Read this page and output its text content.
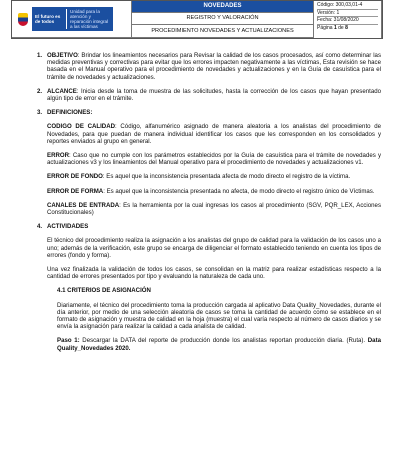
El futuro es de todos
Unidad para la atención y reparación integral a las víctimas
NOVEDADES
REGISTRO Y VALORACIÓN
PROCEDIMIENTO NOVEDADES Y ACTUALIZACIONES
Código: 300,03,01-4
Versión: 1
Fecha: 31/08/2020
Página 1 de 8
1. OBJETIVO: Brindar los lineamientos necesarios para Revisar la calidad de los casos procesados, así como determinar las medidas preventivas y correctivas para evitar que los errores impacten negativamente a las víctimas, Esta revisión se hace basada en el Manual operativo para el procedimiento de novedades y actualizaciones y en la Guía de casuística para el trámite de novedades y actualizaciones.
2. ALCANCE: Inicia desde la toma de muestra de las solicitudes, hasta la corrección de los casos que hayan presentado algún tipo de error en el trámite.
3. DEFINICIONES:
CODIGO DE CALIDAD: Código, alfanumérico asignado de manera aleatoria a los analistas del procedimiento de Novedades, para que puedan de manera individual identificar los casos que les corresponden en los consolidados y reportes enviados al grupo en general.
ERROR: Caso que no cumple con los parámetros establecidos por la Guía de casuística para el trámite de novedades y actualizaciones v3 y los lineamientos del Manual operativo para el procedimiento de novedades y actualizaciones v1.
ERROR DE FONDO: Es aquel que la inconsistencia presentada afecta de modo directo el registro de la víctima.
ERROR DE FORMA: Es aquel que la inconsistencia presentada no afecta, de modo directo el registro único de Víctimas.
CANALES DE ENTRADA: Es la herramienta por la cual ingresas los casos al procedimiento (SGV, PQR_LEX, Acciones Constitucionales)
4. ACTIVIDADES
El técnico del procedimiento realiza la asignación a los analistas del grupo de calidad para la validación de los casos uno a uno; además de la verificación, este grupo se encarga de diligenciar el formato establecido teniendo en cuenta los tipos de errores (fondo y forma).
Una vez finalizada la validación de todos los casos, se consolidan en la matriz para realizar estadísticas respecto a la cantidad de errores presentados por tipo y evaluando la naturaleza de cada uno.
4.1 CRITERIOS DE ASIGNACIÓN
Diariamente, el técnico del procedimiento toma la producción cargada al aplicativo Data Quality_Novedades, durante el día anterior, por medio de una selección aleatoria de casos se toma la cantidad de acuerdo como se establece en el formato de asignación y muestra de calidad en la hoja (muestra) el cual varía respecto al número de casos diarios y se envía la asignación para realizar la calidad a cada analista de calidad.
Paso 1: Descargar la DATA del reporte de producción donde los analistas reportan producción diaria. (Ruta). Data Quality_Novedades 2020.
